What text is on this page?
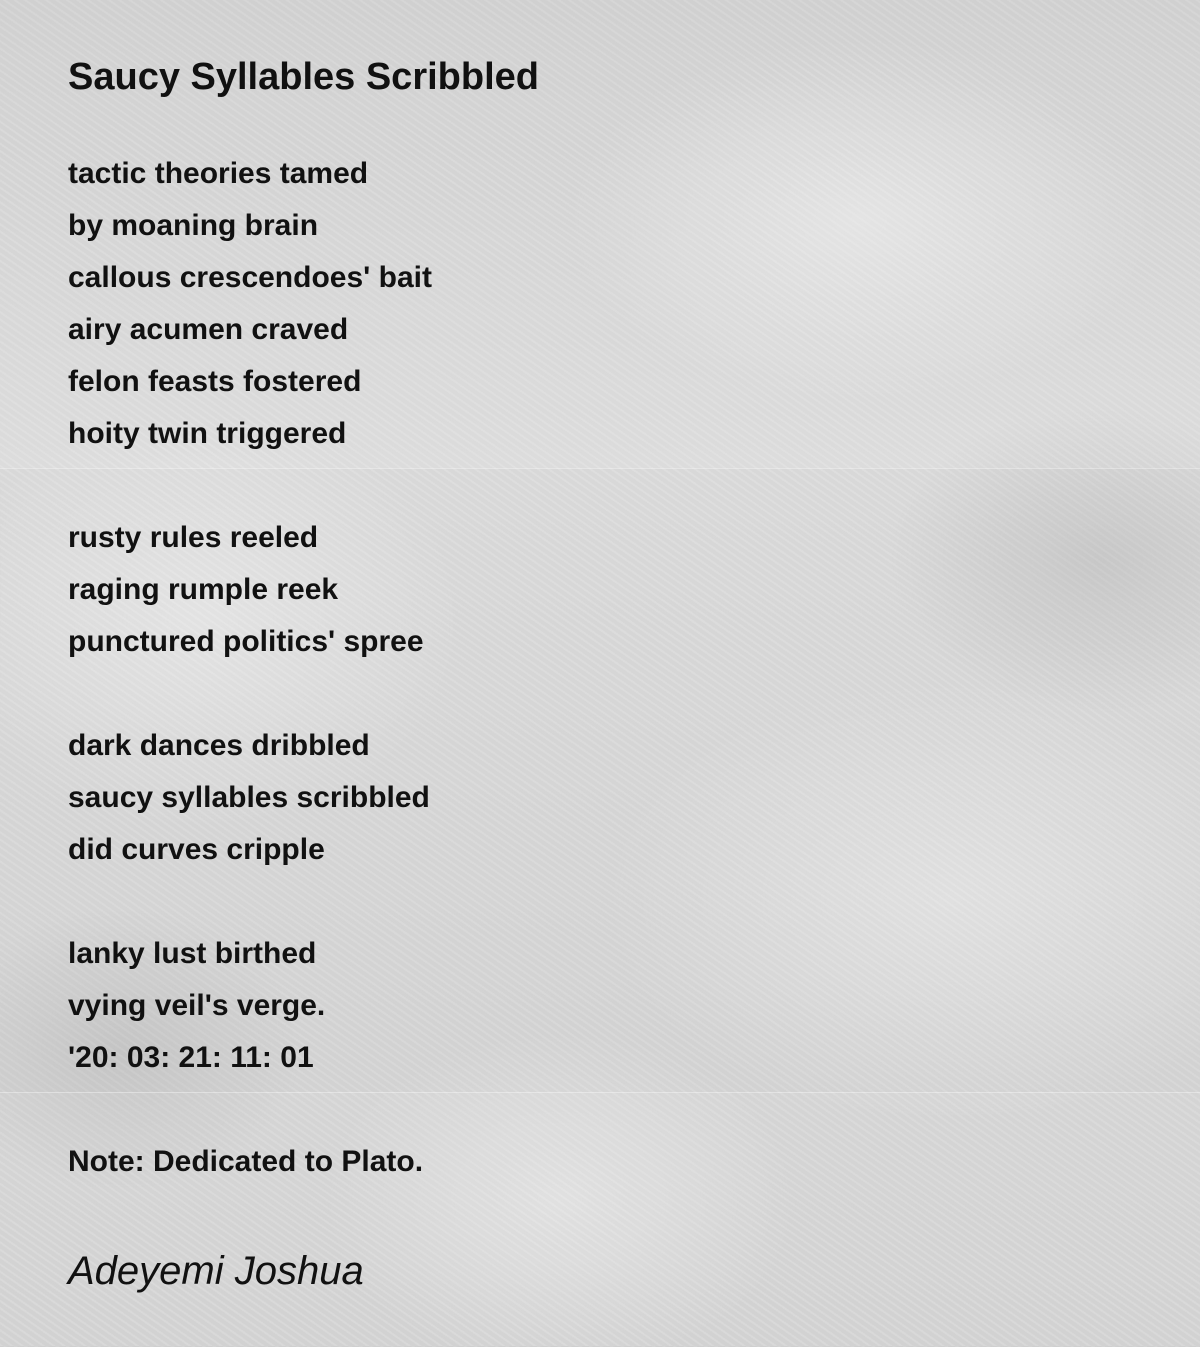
Saucy Syllables Scribbled
tactic theories tamed
by moaning brain
callous crescendoes' bait
airy acumen craved
felon feasts fostered
hoity twin triggered
rusty rules reeled
raging rumple reek
punctured politics' spree
dark dances dribbled
saucy syllables scribbled
did curves cripple
lanky lust birthed
vying veil's verge.
'20: 03: 21: 11: 01
Note: Dedicated to Plato.
Adeyemi Joshua
